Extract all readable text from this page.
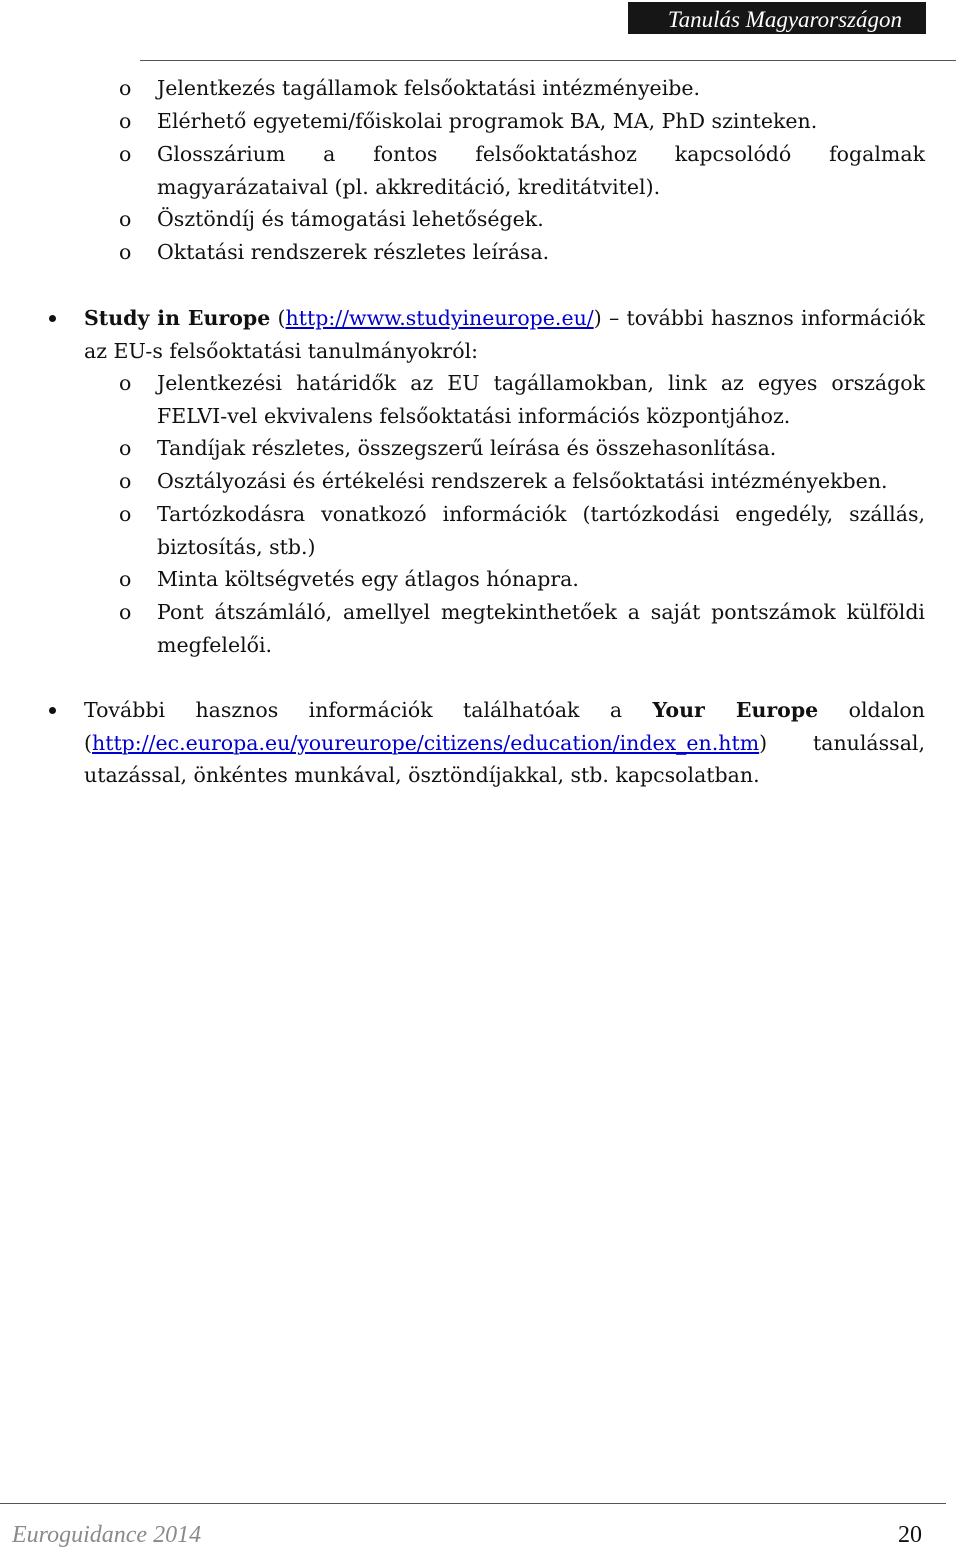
Tanulás Magyarországon
o Jelentkezés tagállamok felsőoktatási intézményeibe.
o Elérhető egyetemi/főiskolai programok BA, MA, PhD szinteken.
o Glosszárium a fontos felsőoktatáshoz kapcsolódó fogalmak magyarázataival (pl. akkreditáció, kreditátvitel).
o Ösztöndíj és támogatási lehetőségek.
o Oktatási rendszerek részletes leírása.
Study in Europe (http://www.studyineurope.eu/) – további hasznos információk az EU-s felsőoktatási tanulmányokról:
o Jelentkezési határidők az EU tagállamokban, link az egyes országok FELVI-vel ekvivalens felsőoktatási információs központjához.
o Tandíjak részletes, összegszerű leírása és összehasonlítása.
o Osztályozási és értékelési rendszerek a felsőoktatási intézményekben.
o Tartózkodásra vonatkozó információk (tartózkodási engedély, szállás, biztosítás, stb.)
o Minta költségvetés egy átlagos hónapra.
o Pont átszámláló, amellyel megtekinthetőek a saját pontszámok külföldi megfelelői.
További hasznos információk találhatóak a Your Europe oldalon (http://ec.europa.eu/youreurope/citizens/education/index_en.htm) tanulással, utazással, önkéntes munkával, ösztöndíjakkal, stb. kapcsolatban.
Euroguidance 2014	20
